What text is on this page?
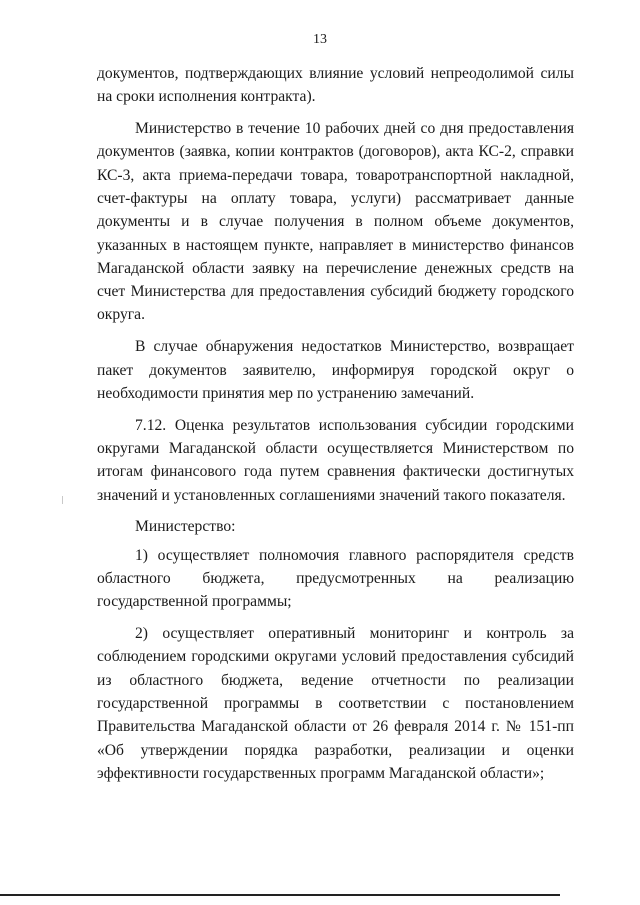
13

документов, подтверждающих влияние условий непреодолимой силы на сроки исполнения контракта).

Министерство в течение 10 рабочих дней со дня предоставления документов (заявка, копии контрактов (договоров), акта КС-2, справки КС-3, акта приема-передачи товара, товаротранспортной накладной, счет-фактуры на оплату товара, услуги) рассматривает данные документы и в случае получения в полном объеме документов, указанных в настоящем пункте, направляет в министерство финансов Магаданской области заявку на перечисление денежных средств на счет Министерства для предоставления субсидий бюджету городского округа.

В случае обнаружения недостатков Министерство, возвращает пакет документов заявителю, информируя городской округ о необходимости принятия мер по устранению замечаний.

7.12. Оценка результатов использования субсидии городскими округами Магаданской области осуществляется Министерством по итогам финансового года путем сравнения фактически достигнутых значений и установленных соглашениями значений такого показателя.

Министерство:

1) осуществляет полномочия главного распорядителя средств областного бюджета, предусмотренных на реализацию государственной программы;

2) осуществляет оперативный мониторинг и контроль за соблюдением городскими округами условий предоставления субсидий из областного бюджета, ведение отчетности по реализации государственной программы в соответствии с постановлением Правительства Магаданской области от 26 февраля 2014 г. № 151-пп «Об утверждении порядка разработки, реализации и оценки эффективности государственных программ Магаданской области»;
